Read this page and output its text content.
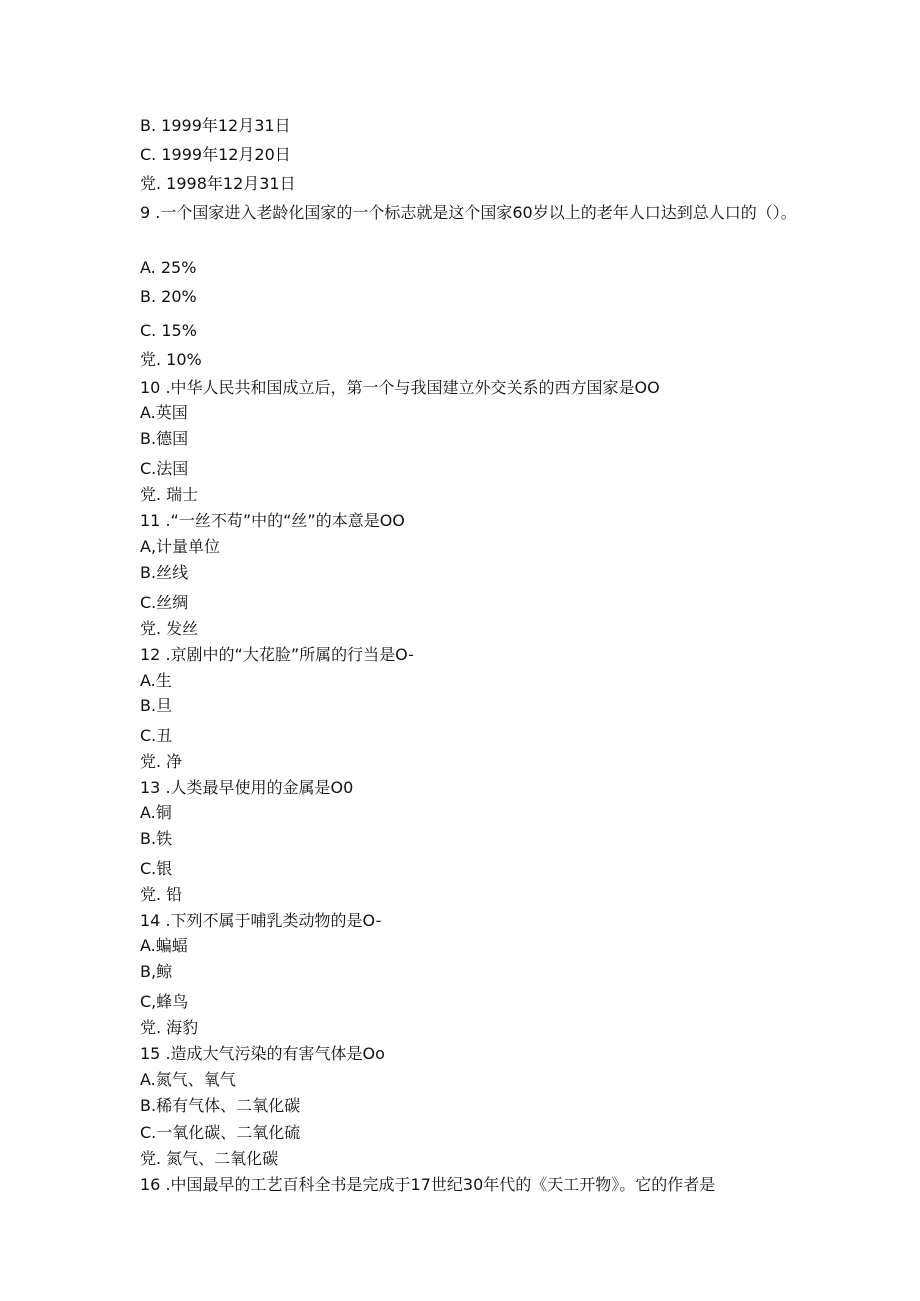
B. 1999年12月31日
C. 1999年12月20日
党. 1998年12月31日
9 .一个国家进入老龄化国家的一个标志就是这个国家60岁以上的老年人口达到总人口的（）。
A. 25%
B. 20%
C. 15%
党. 10%
10 .中华人民共和国成立后，第一个与我国建立外交关系的西方国家是OO
A.英国
B.德国
C.法国
党. 瑞士
11 .“一丝不苟”中的“丝”的本意是OO
A,计量单位
B.丝线
C.丝绸
党. 发丝
12 .京剧中的“大花脸”所属的行当是O-
A.生
B.旦
C.丑
党. 净
13 .人类最早使用的金属是O0
A.铜
B.铁
C.银
党. 铅
14 .下列不属于哺乳类动物的是O-
A.蝙蝠
B,鲸
C,蜂鸟
党. 海豹
15 .造成大气污染的有害气体是Oo
A.氮气、氧气
B.稀有气体、二氧化碳
C.一氧化碳、二氧化硫
党. 氮气、二氧化碳
16 .中国最早的工艺百科全书是完成于17世纪30年代的《天工开物》。它的作者是
